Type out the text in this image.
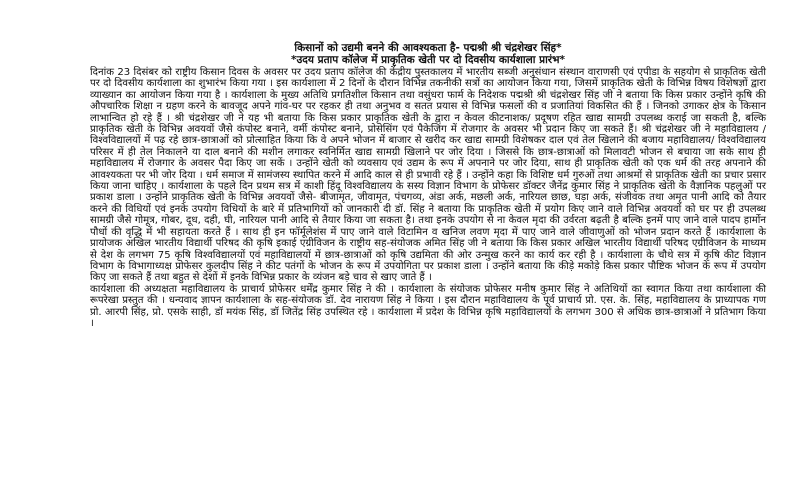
किसानों को उद्यमी बनने की आवश्यकता है- पद्मश्री श्री चंद्रशेखर सिंह*
*उदय प्रताप कॉलेज में प्राकृतिक खेती पर दो दिवसीय कार्यशाला प्रारंभ*

दिनांक 23 दिसंबर को राष्ट्रीय किसान दिवस के अवसर पर उदय प्रताप कॉलेज की केंद्रीय पुस्तकालय में भारतीय सब्जी अनुसंधान संस्थान वाराणसी एवं एपीडा के सहयोग से प्राकृतिक खेती पर दो दिवसीय कार्यशाला का शुभारंभ किया गया । इस कार्यशाला में 2 दिनों के दौरान विभिन्न तकनीकी सत्रों का आयोजन किया गया, जिसमें प्राकृतिक खेती के विभिन्न विषय विशेषज्ञों द्वारा व्याख्यान का आयोजन किया गया है । कार्यशाला के मुख्य अतिथि प्रगतिशील किसान तथा वसुंधरा फार्म के निदेशक पद्मश्री श्री चंद्रशेखर सिंह जी ने बताया कि किस प्रकार उन्होंने कृषि की औपचारिक शिक्षा न ग्रहण करने के बावजूद अपने गांव-घर पर रहकर ही तथा अनुभव व सतत प्रयास से विभिन्न फसलों की व प्रजातियां विकसित की हैं । जिनको उगाकर क्षेत्र के किसान लाभान्वित हो रहे हैं । श्री चंद्रशेखर जी ने यह भी बताया कि किस प्रकार प्राकृतिक खेती के द्वारा न केवल कीटनाशक/ प्रदूषण रहित खाद्य सामग्री उपलब्ध कराई जा सकती है, बल्कि प्राकृतिक खेती के विभिन्न अवयवों जैसे कंपोस्ट बनाने, वर्मी कंपोस्ट बनाने, प्रोसेसिंग एवं पैकेजिंग में रोजगार के अवसर भी प्रदान किए जा सकते हैं। श्री चंद्रशेखर जी ने महाविद्यालय /विश्वविद्यालयों में पढ़ रहे छात्र-छात्राओं को प्रोत्साहित किया कि वे अपने भोजन में बाजार से खरीद कर खाद्य सामग्री विशेषकर दाल एवं तेल खिलाने की बजाय महाविद्यालय/ विश्वविद्यालय परिसर में ही तेल निकालने या दाल बनाने की मशीन लगाकर स्वनिर्मित खाद्य सामग्री खिलाने पर जोर दिया । जिससे कि छात्र-छात्राओं को मिलावटी भोजन से बचाया जा सके साथ ही महाविद्यालय में रोजगार के अवसर पैदा किए जा सकें । उन्होंने खेती को व्यवसाय एवं उद्यम के रूप में अपनाने पर जोर दिया, साथ ही प्राकृतिक खेती को एक धर्म की तरह अपनाने की आवश्यकता पर भी जोर दिया । धर्म समाज में सामंजस्य स्थापित करने में आदि काल से ही प्रभावी रहे हैं । उन्होंने कहा कि विशिष्ट धर्म गुरुओं तथा आश्रमों से प्राकृतिक खेती का प्रचार प्रसार किया जाना चाहिए । कार्यशाला के पहले दिन प्रथम सत्र में काशी हिंदू विश्वविद्यालय के सस्य विज्ञान विभाग के प्रोफेसर डॉक्टर जैनेंद्र कुमार सिंह ने प्राकृतिक खेती के वैज्ञानिक पहलुओं पर प्रकाश डाला । उन्होंने प्राकृतिक खेती के विभिन्न अवयवों जैसे- बीजामृत, जीवामृत, पंचगव्य, अंडा अर्क, मछली अर्क, नारियल छाछ, घड़ा अर्क, संजीवक तथा अमृत पानी आदि को तैयार करने की विधियों एवं इनके उपयोग विधियों के बारे में प्रतिभागियों को जानकारी दी डॉ. सिंह ने बताया कि प्राकृतिक खेती में प्रयोग किए जाने वाले विभिन्न अवयवों को घर पर ही उपलब्ध सामग्री जैसे गोमूत्र, गोबर, दूध, दही, घी, नारियल पानी आदि से तैयार किया जा सकता है। तथा इनके उपयोग से ना केवल मृदा की उर्वरता बढ़ती है बल्कि इनमें पाए जाने वाले पादप हार्मोन पौधों की वृद्धि में भी सहायता करते हैं । साथ ही इन फॉर्मूलेशंस में पाए जाने वाले विटामिन व खनिज लवण मृदा में पाए जाने वाले जीवाणुओं को भोजन प्रदान करते हैं ।कार्यशाला के प्रायोजक अखिल भारतीय विद्यार्थी परिषद की कृषि इकाई एग्रीविजन के राष्ट्रीय सह-संयोजक अमित सिंह जी ने बताया कि किस प्रकार अखिल भारतीय विद्यार्थी परिषद एग्रीविजन के माध्यम से देश के लगभग 75 कृषि विश्वविद्यालयों एवं महाविद्यालयों में छात्र-छात्राओं को कृषि उद्यमिता की ओर उन्मुख करने का कार्य कर रही है । कार्यशाला के चौथे सत्र में कृषि कीट विज्ञान विभाग के विभागाध्यक्ष प्रोफेसर कुलदीप सिंह ने कीट पतंगों के भोजन के रूप में उपयोगिता पर प्रकाश डाला । उन्होंने बताया कि कीड़े मकोड़े किस प्रकार पौष्टिक भोजन के रूप में उपयोग किए जा सकते हैं तथा बहुत से देशों में इनके विभिन्न प्रकार के व्यंजन बड़े चाव से खाए जाते हैं ।

कार्यशाला की अध्यक्षता महाविद्यालय के प्राचार्य प्रोफेसर धर्मेंद्र कुमार सिंह ने की । कार्यशाला के संयोजक प्रोफेसर मनीष कुमार सिंह ने अतिथियों का स्वागत किया तथा कार्यशाला की रूपरेखा प्रस्तुत की । धन्यवाद ज्ञापन कार्यशाला के सह-संयोजक डॉ. देव नारायण सिंह ने किया । इस दौरान महाविद्यालय के पूर्व प्राचार्य प्रो. एस. के. सिंह, महाविद्यालय के प्राध्यापक गण प्रो. आरपी सिंह, प्रो. एसके साही, डॉ मयंक सिंह, डॉ जितेंद्र सिंह उपस्थित रहे । कार्यशाला में प्रदेश के विभिन्न कृषि महाविद्यालयों के लगभग 300 से अधिक छात्र-छात्राओं ने प्रतिभाग किया ।
